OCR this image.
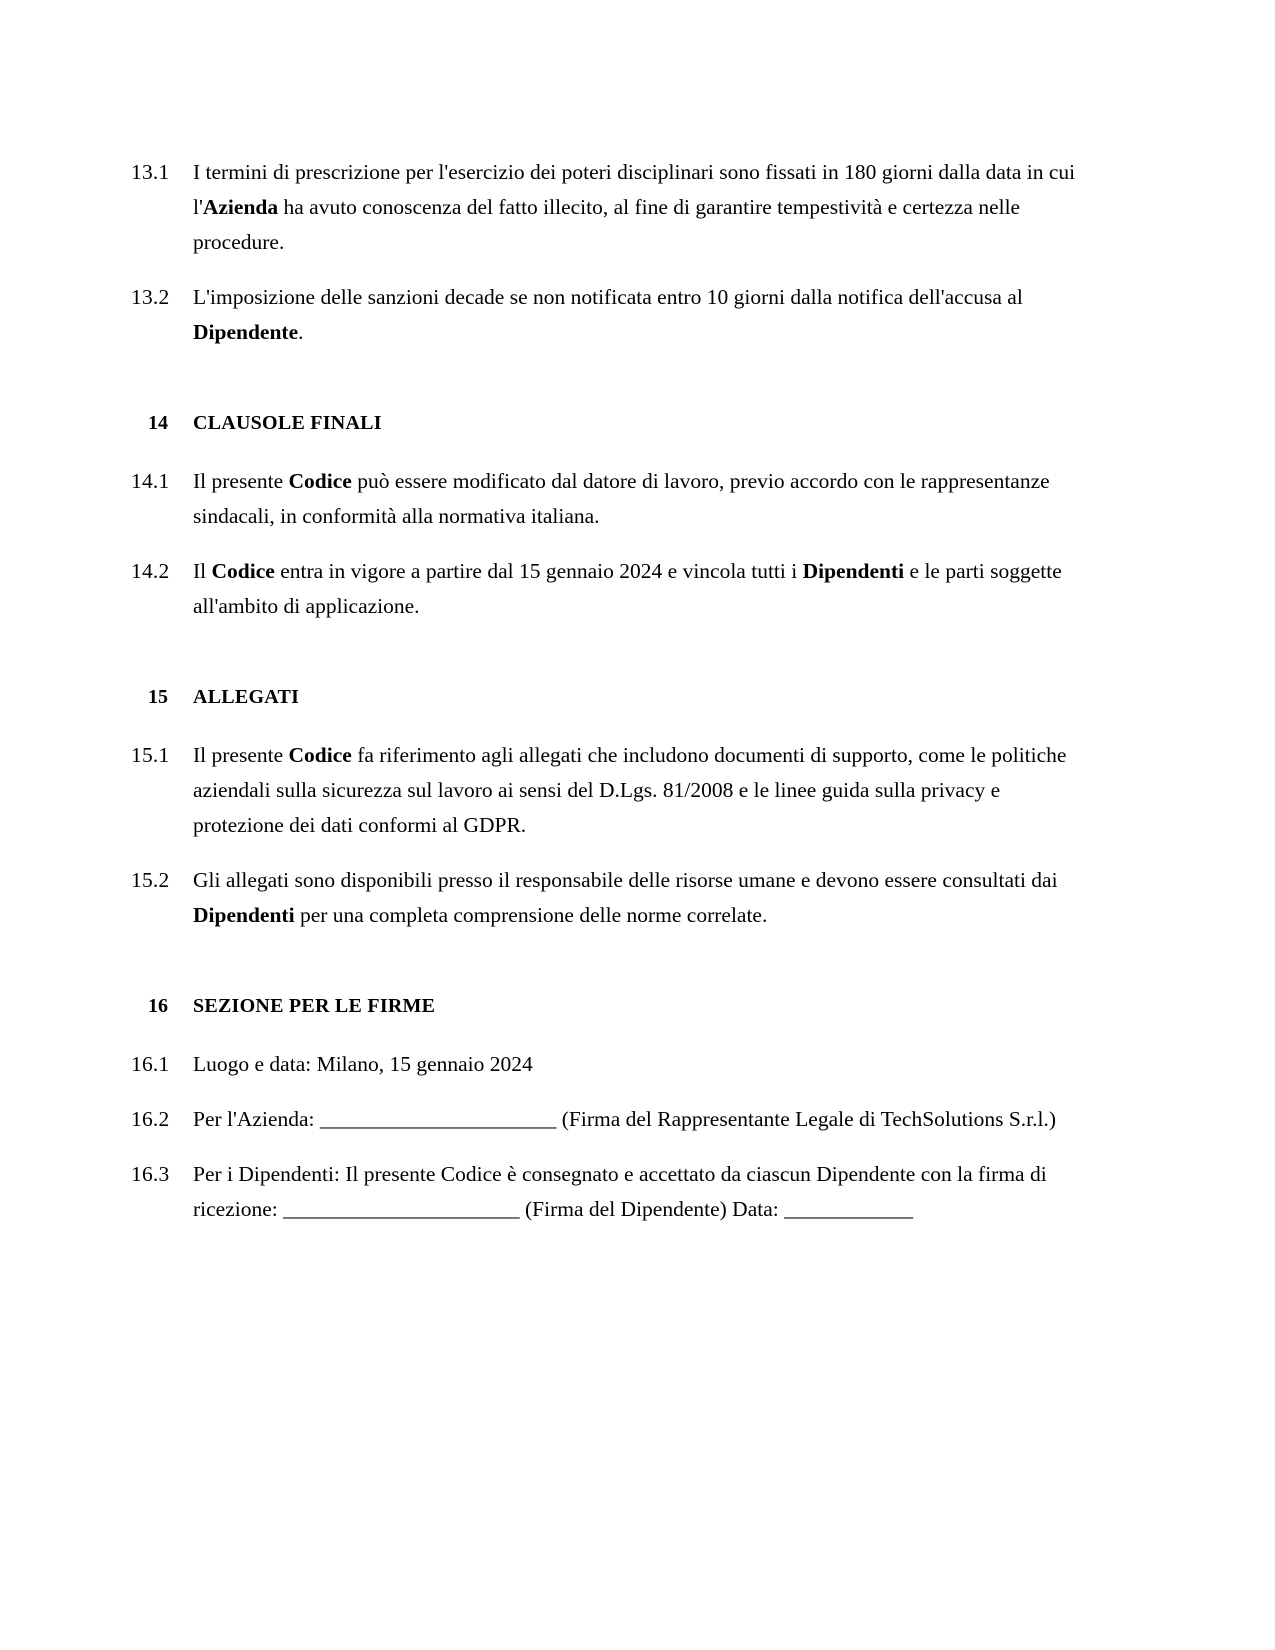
13.1	I termini di prescrizione per l'esercizio dei poteri disciplinari sono fissati in 180 giorni dalla data in cui l'Azienda ha avuto conoscenza del fatto illecito, al fine di garantire tempestività e certezza nelle procedure.
13.2	L'imposizione delle sanzioni decade se non notificata entro 10 giorni dalla notifica dell'accusa al Dipendente.
14	CLAUSOLE FINALI
14.1	Il presente Codice può essere modificato dal datore di lavoro, previo accordo con le rappresentanze sindacali, in conformità alla normativa italiana.
14.2	Il Codice entra in vigore a partire dal 15 gennaio 2024 e vincola tutti i Dipendenti e le parti soggette all'ambito di applicazione.
15	ALLEGATI
15.1	Il presente Codice fa riferimento agli allegati che includono documenti di supporto, come le politiche aziendali sulla sicurezza sul lavoro ai sensi del D.Lgs. 81/2008 e le linee guida sulla privacy e protezione dei dati conformi al GDPR.
15.2	Gli allegati sono disponibili presso il responsabile delle risorse umane e devono essere consultati dai Dipendenti per una completa comprensione delle norme correlate.
16	SEZIONE PER LE FIRME
16.1	Luogo e data: Milano, 15 gennaio 2024
16.2	Per l'Azienda: ______________________ (Firma del Rappresentante Legale di TechSolutions S.r.l.)
16.3	Per i Dipendenti: Il presente Codice è consegnato e accettato da ciascun Dipendente con la firma di ricezione: ______________________ (Firma del Dipendente) Data: ____________
